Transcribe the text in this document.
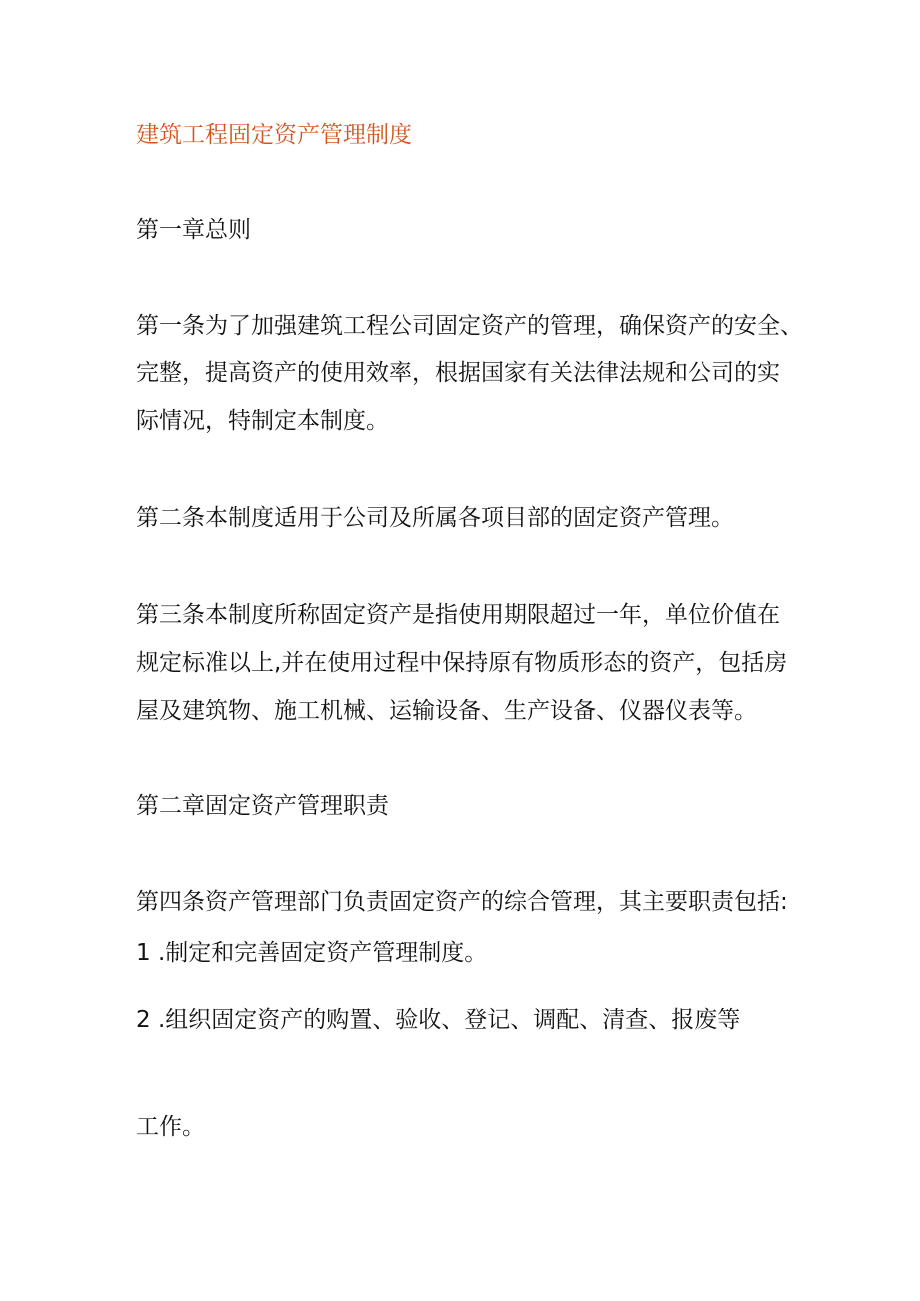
建筑工程固定资产管理制度
第一章总则
第一条为了加强建筑工程公司固定资产的管理，确保资产的安全、
完整，提高资产的使用效率，根据国家有关法律法规和公司的实
际情况，特制定本制度。
第二条本制度适用于公司及所属各项目部的固定资产管理。
第三条本制度所称固定资产是指使用期限超过一年，单位价值在
规定标准以上,并在使用过程中保持原有物质形态的资产，包括房
屋及建筑物、施工机械、运输设备、生产设备、仪器仪表等。
第二章固定资产管理职责
第四条资产管理部门负责固定资产的综合管理，其主要职责包括:
1 .制定和完善固定资产管理制度。
2 .组织固定资产的购置、验收、登记、调配、清查、报废等
工作。
